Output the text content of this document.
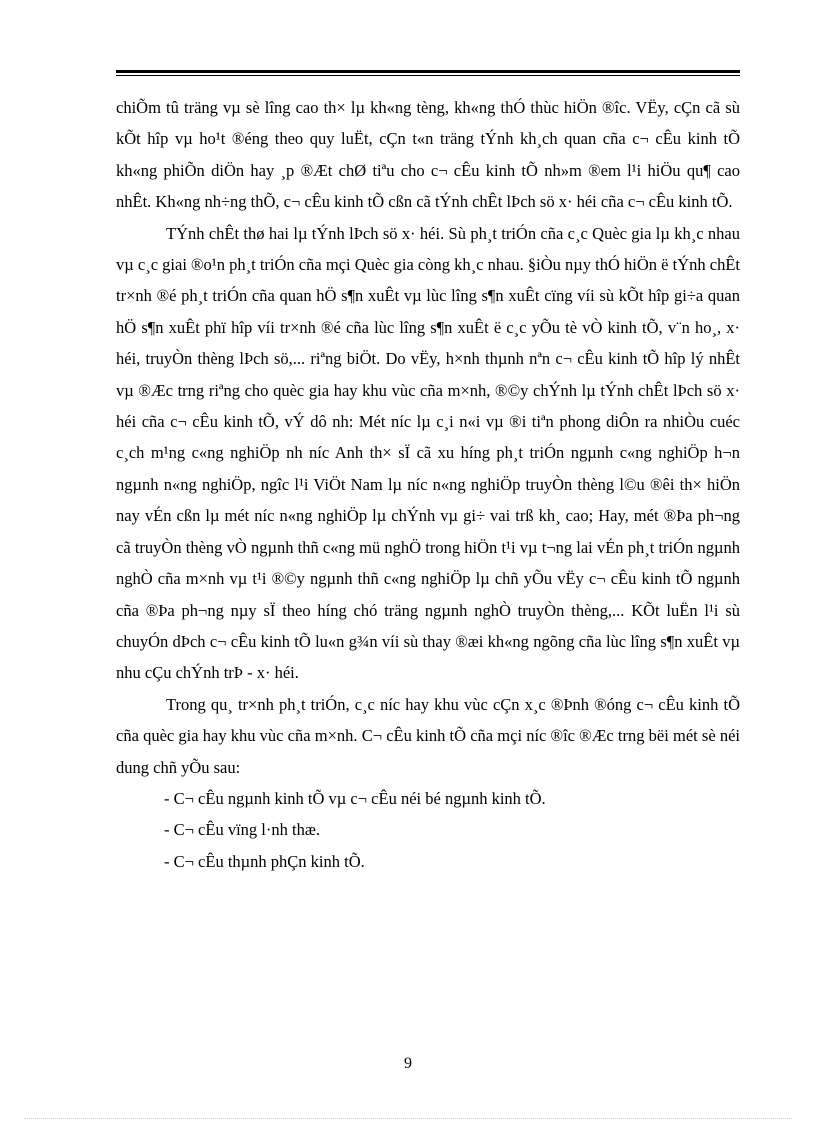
chiÕm tû träng vµ sè lîng cao th× lµ kh«ng tèng, kh«ng thÓ thùc hiÖn ®îc. VËy, cÇn cã sù kÕt hîp vµ ho¹t ®éng theo quy luËt, cÇn t«n träng tÝnh kh¸ch quan cña c¬ cÊu kinh tÕ kh«ng phiÕn diÖn hay ¸p ®Æt chØ tiªu cho c¬ cÊu kinh tÕ nh»m ®em l¹i hiÖu qu¶ cao nhÊt. Kh«ng nh÷ng thÕ, c¬ cÊu kinh tÕ cßn cã tÝnh chÊt lÞch sö x· héi cña c¬ cÊu kinh tÕ.

TÝnh chÊt thø hai lµ tÝnh lÞch sö x· héi. Sù ph¸t triÓn cña c¸c Quèc gia lµ kh¸c nhau vµ c¸c giai ®o¹n ph¸t triÓn cña mçi Quèc gia còng kh¸c nhau. §iÒu nµy thÓ hiÖn ë tÝnh chÊt tr×nh ®é ph¸t triÓn cña quan hÖ s¶n xuÊt vµ lùc lîng s¶n xuÊt cïng víi sù kÕt hîp gi÷a quan hÖ s¶n xuÊt phï hîp víi tr×nh ®é cña lùc lîng s¶n xuÊt ë c¸c yÕu tè vÒ kinh tÕ, v¨n ho¸, x· héi, truyÒn thèng lÞch sö,... riªng biÖt. Do vËy, h×nh thµnh nªn c¬ cÊu kinh tÕ hîp lý nhÊt vµ ®Æc trng riªng cho quèc gia hay khu vùc cña m×nh, ®©y chÝnh lµ tÝnh chÊt lÞch sö x· héi cña c¬ cÊu kinh tÕ, vÝ dô nh: Mét níc lµ c¸i n«i vµ ®i tiªn phong diÔn ra nhiÒu cuéc c¸ch m¹ng c«ng nghiÖp nh níc Anh th× sÏ cã xu híng ph¸t triÓn ngµnh c«ng nghiÖp h¬n ngµnh n«ng nghiÖp, ngîc l¹i ViÖt Nam lµ níc n«ng nghiÖp truyÒn thèng l©u ®êi th× hiÖn nay vÉn cßn lµ mét níc n«ng nghiÖp lµ chÝnh vµ gi÷ vai trß kh¸ cao; Hay, mét ®Þa ph¬ng cã truyÒn thèng vÒ ngµnh thñ c«ng mü nghÖ trong hiÖn t¹i vµ t¬ng lai vÉn ph¸t triÓn ngµnh nghÒ cña m×nh vµ t¹i ®©y ngµnh thñ c«ng nghiÖp lµ chñ yÕu vËy c¬ cÊu kinh tÕ ngµnh cña ®Þa ph¬ng nµy sÏ theo híng chó träng ngµnh nghÒ truyÒn thèng,... KÕt luËn l¹i sù chuyÓn dÞch c¬ cÊu kinh tÕ lu«n g¾n víi sù thay ®æi kh«ng ngõng cña lùc lîng s¶n xuÊt vµ nhu cÇu chÝnh trÞ - x· héi.

Trong qu¸ tr×nh ph¸t triÓn, c¸c níc hay khu vùc cÇn x¸c ®Þnh ®óng c¬ cÊu kinh tÕ cña quèc gia hay khu vùc cña m×nh. C¬ cÊu kinh tÕ cña mçi níc ®îc ®Æc trng bëi mét sè néi dung chñ yÕu sau:

- C¬ cÊu ngµnh kinh tÕ vµ c¬ cÊu néi bé ngµnh kinh tÕ.

- C¬ cÊu vïng l·nh thæ.

- C¬ cÊu thµnh phÇn kinh tÕ.

9
